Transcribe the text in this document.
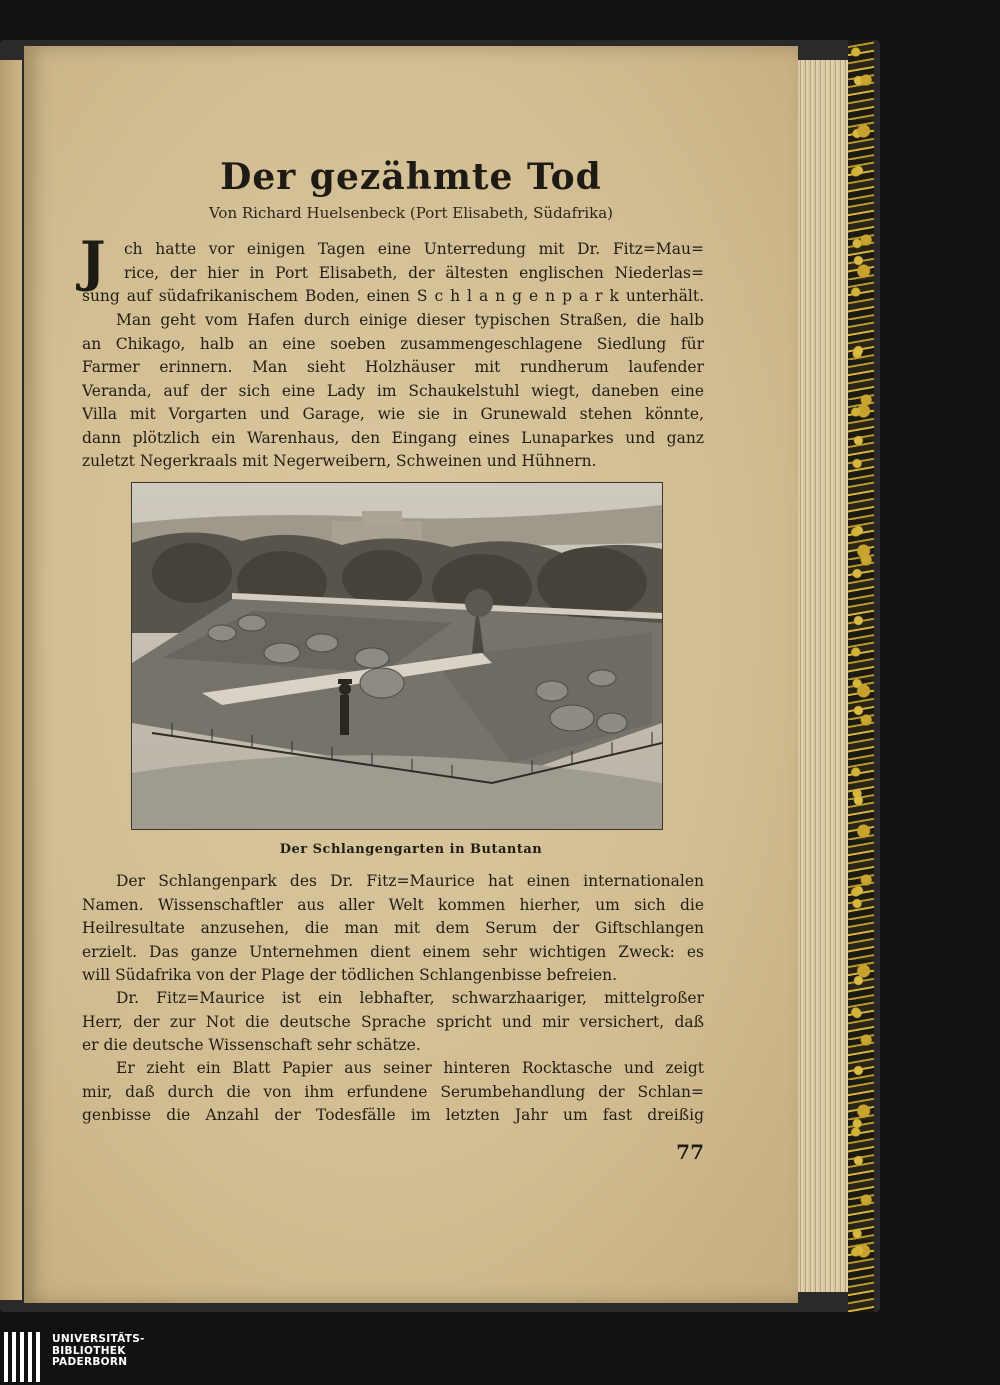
Der gezähmte Tod

Von Richard Huelsenbeck (Port Elisabeth, Südafrika)

J ch hatte vor einigen Tagen eine Unterredung mit Dr. Fitz=Mau=
rice, der hier in Port Elisabeth, der ältesten englischen Niederlas=
sung auf südafrikanischem Boden, einen S c h l a n g e n p a r k unterhält.
Man geht vom Hafen durch einige dieser typischen Straßen, die halb
an Chikago, halb an eine soeben zusammengeschlagene Siedlung für
Farmer erinnern. Man sieht Holzhäuser mit rundherum laufender
Veranda, auf der sich eine Lady im Schaukelstuhl wiegt, daneben eine
Villa mit Vorgarten und Garage, wie sie in Grunewald stehen könnte,
dann plötzlich ein Warenhaus, den Eingang eines Lunaparkes und ganz
zuletzt Negerkraals mit Negerweibern, Schweinen und Hühnern.

Der Schlangengarten in Butantan

Der Schlangenpark des Dr. Fitz=Maurice hat einen internationalen
Namen. Wissenschaftler aus aller Welt kommen hierher, um sich die
Heilresultate anzusehen, die man mit dem Serum der Giftschlangen
erzielt. Das ganze Unternehmen dient einem sehr wichtigen Zweck: es
will Südafrika von der Plage der tödlichen Schlangenbisse befreien.
Dr. Fitz=Maurice ist ein lebhafter, schwarzhaariger, mittelgroßer
Herr, der zur Not die deutsche Sprache spricht und mir versichert, daß
er die deutsche Wissenschaft sehr schätze.
Er zieht ein Blatt Papier aus seiner hinteren Rocktasche und zeigt
mir, daß durch die von ihm erfundene Serumbehandlung der Schlan=
genbisse die Anzahl der Todesfälle im letzten Jahr um fast dreißig

77

UNIVERSITÄTS-
BIBLIOTHEK
PADERBORN
